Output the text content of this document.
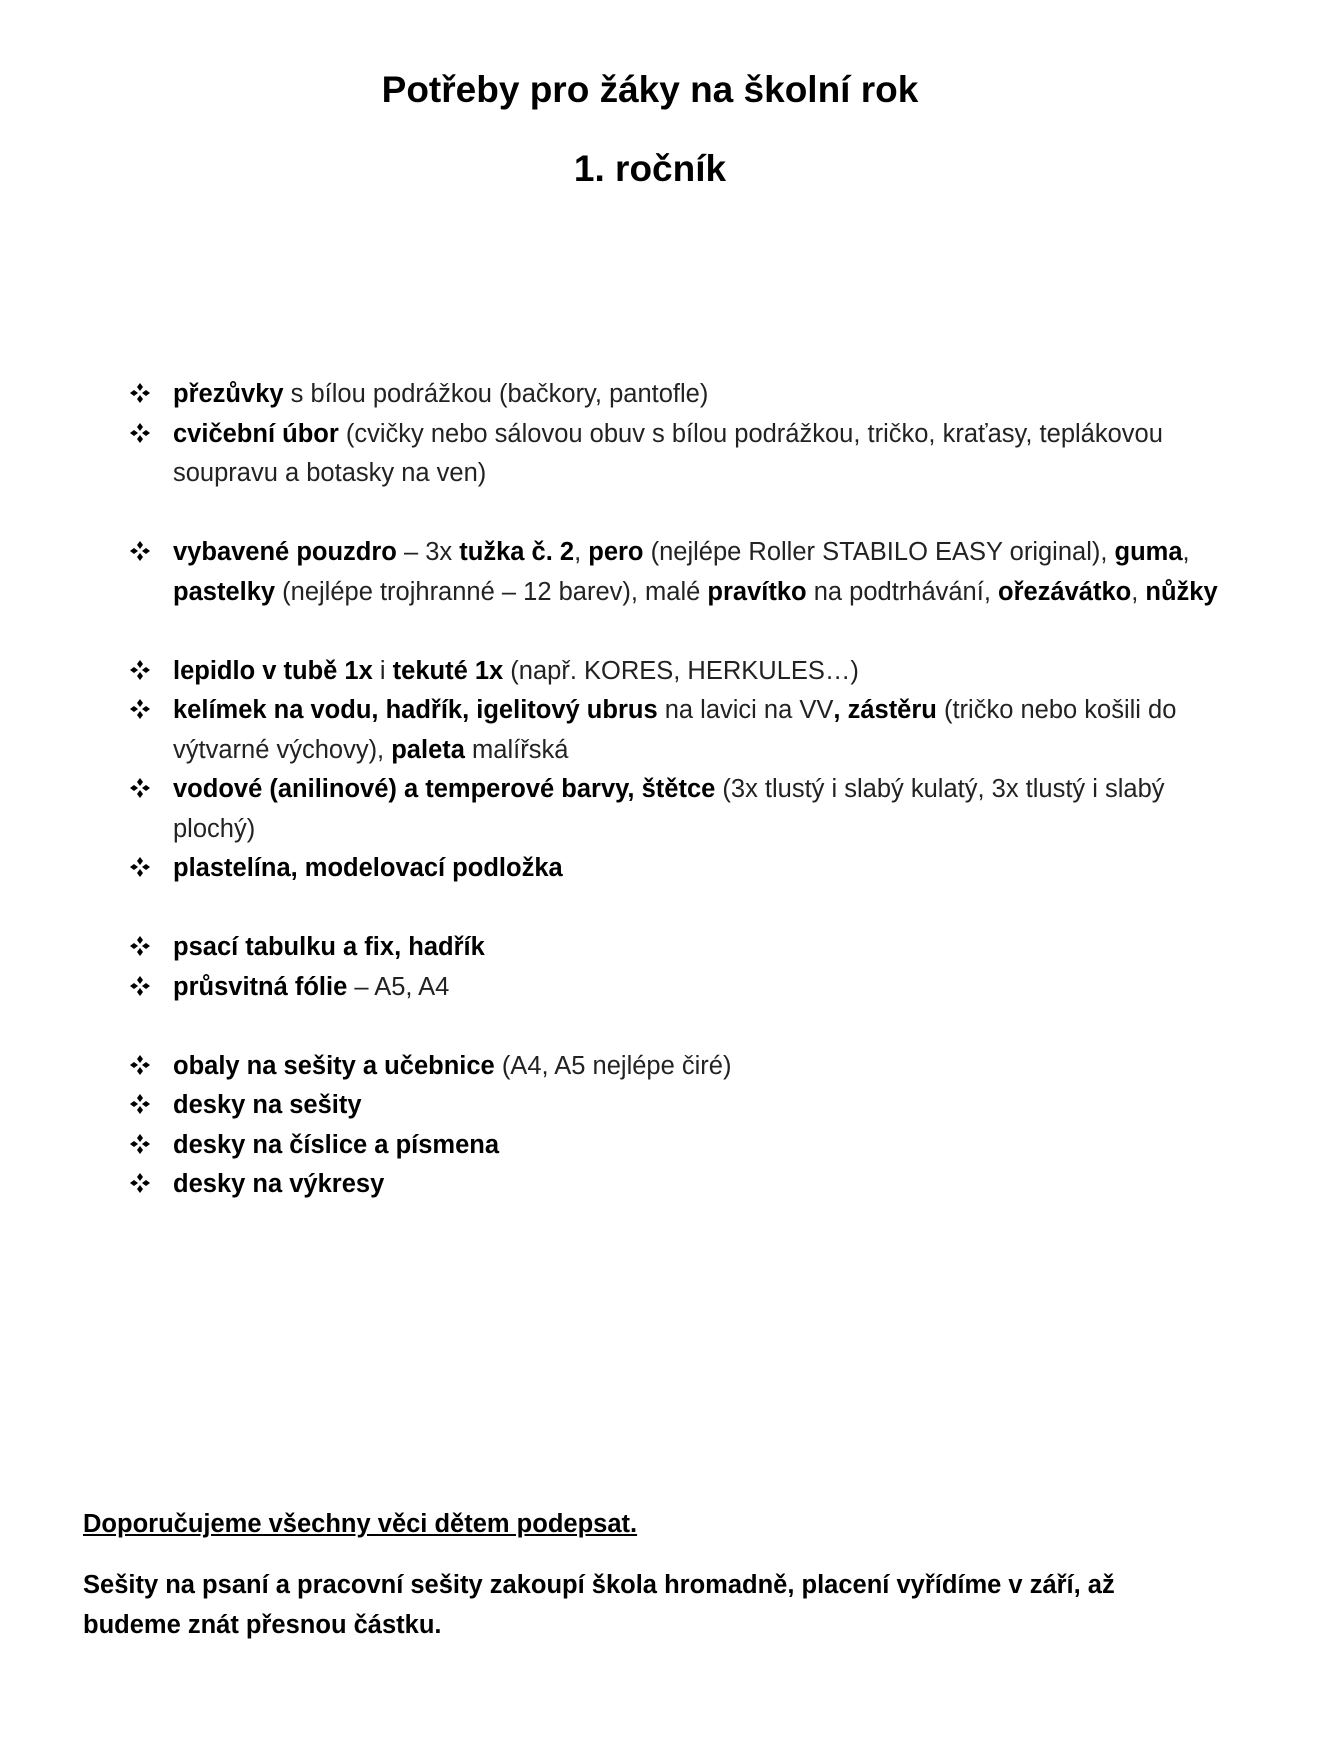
Potřeby pro žáky na školní rok
1. ročník
přezůvky s bílou podrážkou (bačkory, pantofle)
cvičební úbor (cvičky nebo sálovou obuv s bílou podrážkou, tričko, kraťasy, teplákovou soupravu a botasky na ven)
vybavené pouzdro – 3x tužka č. 2, pero (nejlépe Roller STABILO EASY original), guma, pastelky (nejlépe trojhranné – 12 barev), malé pravítko na podtrhávání, ořezávátko, nůžky
lepidlo v tubě 1x i tekuté 1x (např. KORES, HERKULES…)
kelímek na vodu, hadřík, igelitový ubrus na lavici na VV, zástěru (tričko nebo košili do výtvarné výchovy), paleta malířská
vodové (anilinové) a temperové barvy, štětce (3x tlustý i slabý kulatý, 3x tlustý i slabý plochý)
plastelína, modelovací podložka
psací tabulku a fix, hadřík
průsvitná fólie – A5, A4
obaly na sešity a učebnice (A4, A5 nejlépe čiré)
desky na sešity
desky na číslice a písmena
desky na výkresy

Doporučujeme všechny věci dětem podepsat.

Sešity na psaní a pracovní sešity zakoupí škola hromadně, placení vyřídíme v září, až budeme znát přesnou částku.
